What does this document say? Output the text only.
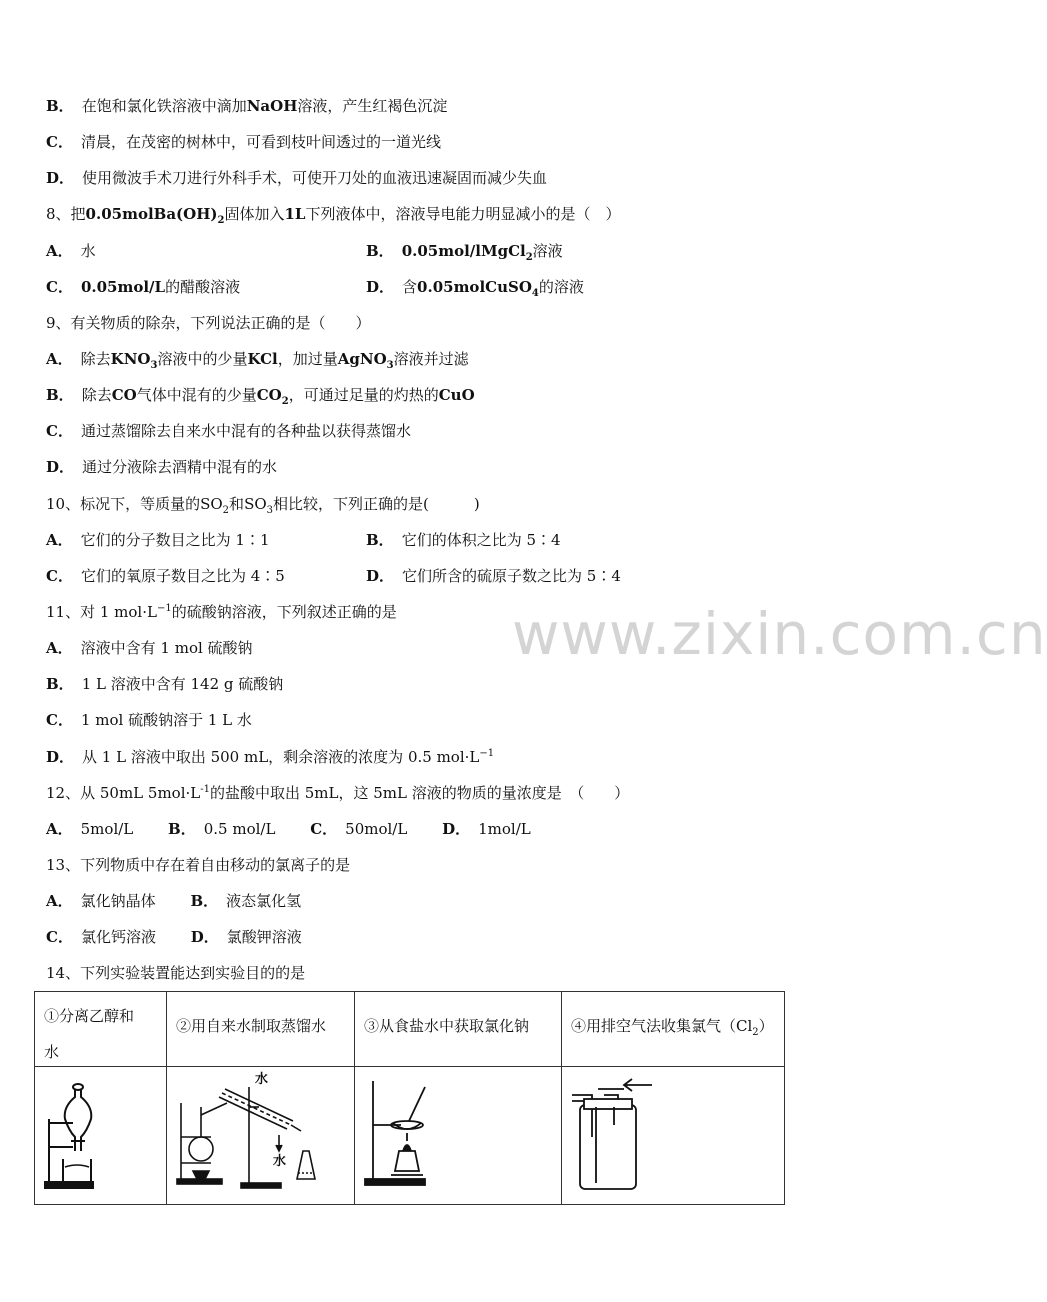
www.zixin.com.cn
B． 在饱和氯化铁溶液中滴加NaOH溶液，产生红褐色沉淀
C． 清晨，在茂密的树林中，可看到枝叶间透过的一道光线
D． 使用微波手术刀进行外科手术，可使开刀处的血液迅速凝固而减少失血
8、把$0.05molBa(OH)_2$固体加入1L下列液体中，溶液导电能力明显减小的是（　）
A． 水	B． 0.05mol/lMgCl$_2$溶液
C． 0.05mol/L的醋酸溶液	D． 含0.05molCuSO$_4$的溶液
9、有关物质的除杂，下列说法正确的是（　　）
A． 除去$KNO_3$溶液中的少量KCl，加过量AgNO$_3$溶液并过滤
B． 除去CO气体中混有的少量$CO_2$，可通过足量的灼热的CuO
C． 通过蒸馏除去自来水中混有的各种盐以获得蒸馏水
D． 通过分液除去酒精中混有的水
10、标况下，等质量的$SO_2$和$SO_3$相比较，下列正确的是(　　　)
A． 它们的分子数目之比为 1∶1	B． 它们的体积之比为 5∶4
C． 它们的氧原子数目之比为 4∶5	D． 它们所含的硫原子数之比为 5∶4
11、对 1 $mol\cdot L^{-1}$的硫酸钠溶液，下列叙述正确的是
A． 溶液中含有 1 mol 硫酸钠
B． 1 L 溶液中含有 142 g 硫酸钠
C． 1 mol 硫酸钠溶于 1 L 水
D． 从 1 L 溶液中取出 500 mL，剩余溶液的浓度为 0.5 $mol\cdot L^{-1}$
12、从 50mL $5mol\cdot L^{-1}$的盐酸中取出 5mL，这 5mL 溶液的物质的量浓度是　（　　）
A． 5mol/L B． 0.5 mol/L C． 50mol/L D． 1mol/L
13、下列物质中存在着自由移动的氯离子的是
A． 氯化钠晶体 B． 液态氯化氢
C． 氯化钙溶液 D． 氯酸钾溶液
14、下列实验装置能达到实验目的的是
①分离乙醇和
水	②用自来水制取蒸馏水	③从食盐水中获取氯化钠	④用排空气法收集氯气$(Cl_2)$

水
水
